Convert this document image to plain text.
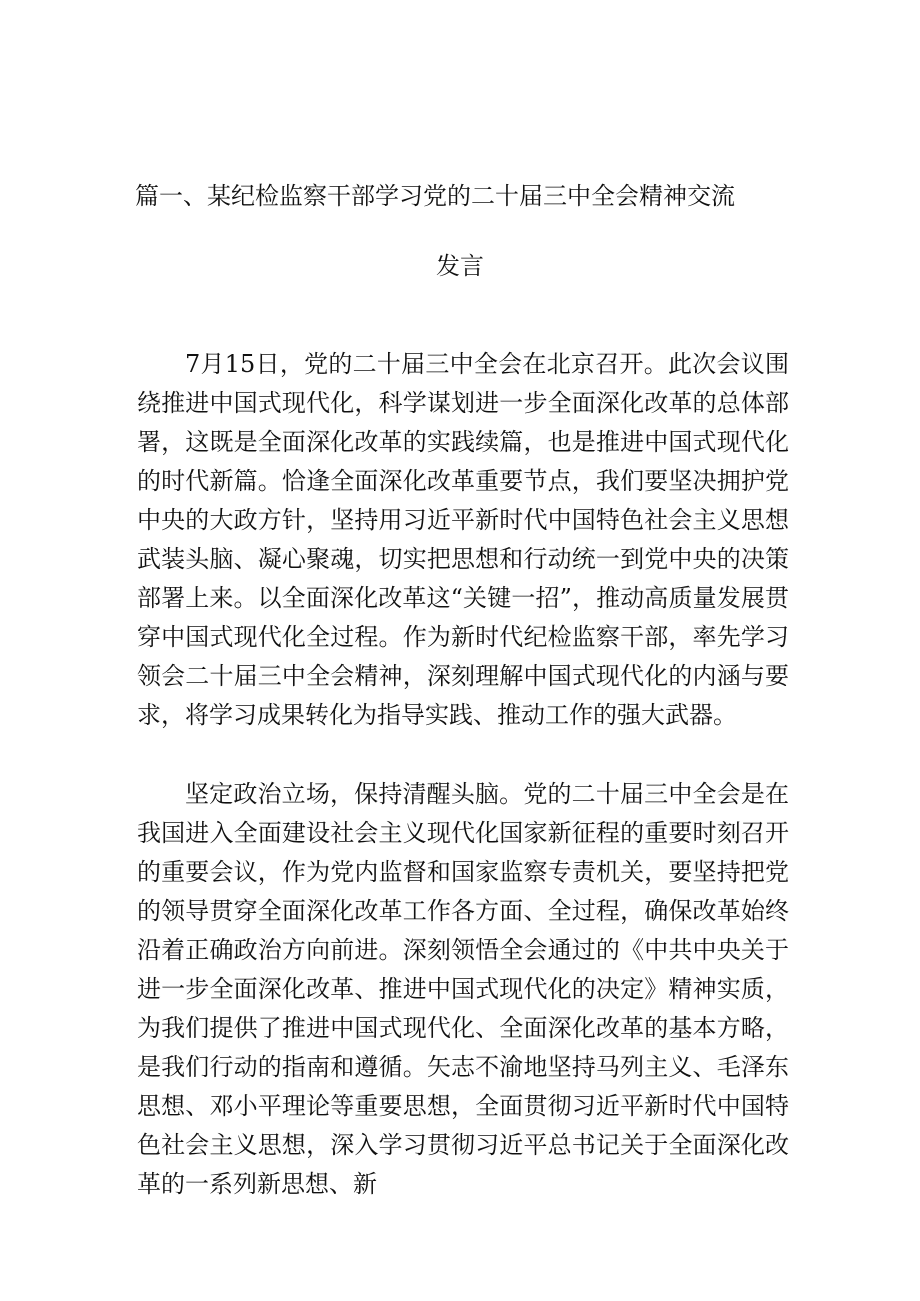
篇一、某纪检监察干部学习党的二十届三中全会精神交流
发言

7月15日，党的二十届三中全会在北京召开。此次会议围绕推进中国式现代化，科学谋划进一步全面深化改革的总体部署，这既是全面深化改革的实践续篇，也是推进中国式现代化的时代新篇。恰逢全面深化改革重要节点，我们要坚决拥护党中央的大政方针，坚持用习近平新时代中国特色社会主义思想武装头脑、凝心聚魂，切实把思想和行动统一到党中央的决策部署上来。以全面深化改革这“关键一招”，推动高质量发展贯穿中国式现代化全过程。作为新时代纪检监察干部，率先学习领会二十届三中全会精神，深刻理解中国式现代化的内涵与要求，将学习成果转化为指导实践、推动工作的强大武器。

坚定政治立场，保持清醒头脑。党的二十届三中全会是在我国进入全面建设社会主义现代化国家新征程的重要时刻召开的重要会议，作为党内监督和国家监察专责机关，要坚持把党的领导贯穿全面深化改革工作各方面、全过程，确保改革始终沿着正确政治方向前进。深刻领悟全会通过的《中共中央关于进一步全面深化改革、推进中国式现代化的决定》精神实质，为我们提供了推进中国式现代化、全面深化改革的基本方略，是我们行动的指南和遵循。矢志不渝地坚持马列主义、毛泽东思想、邓小平理论等重要思想，全面贯彻习近平新时代中国特色社会主义思想，深入学习贯彻习近平总书记关于全面深化改革的一系列新思想、新
